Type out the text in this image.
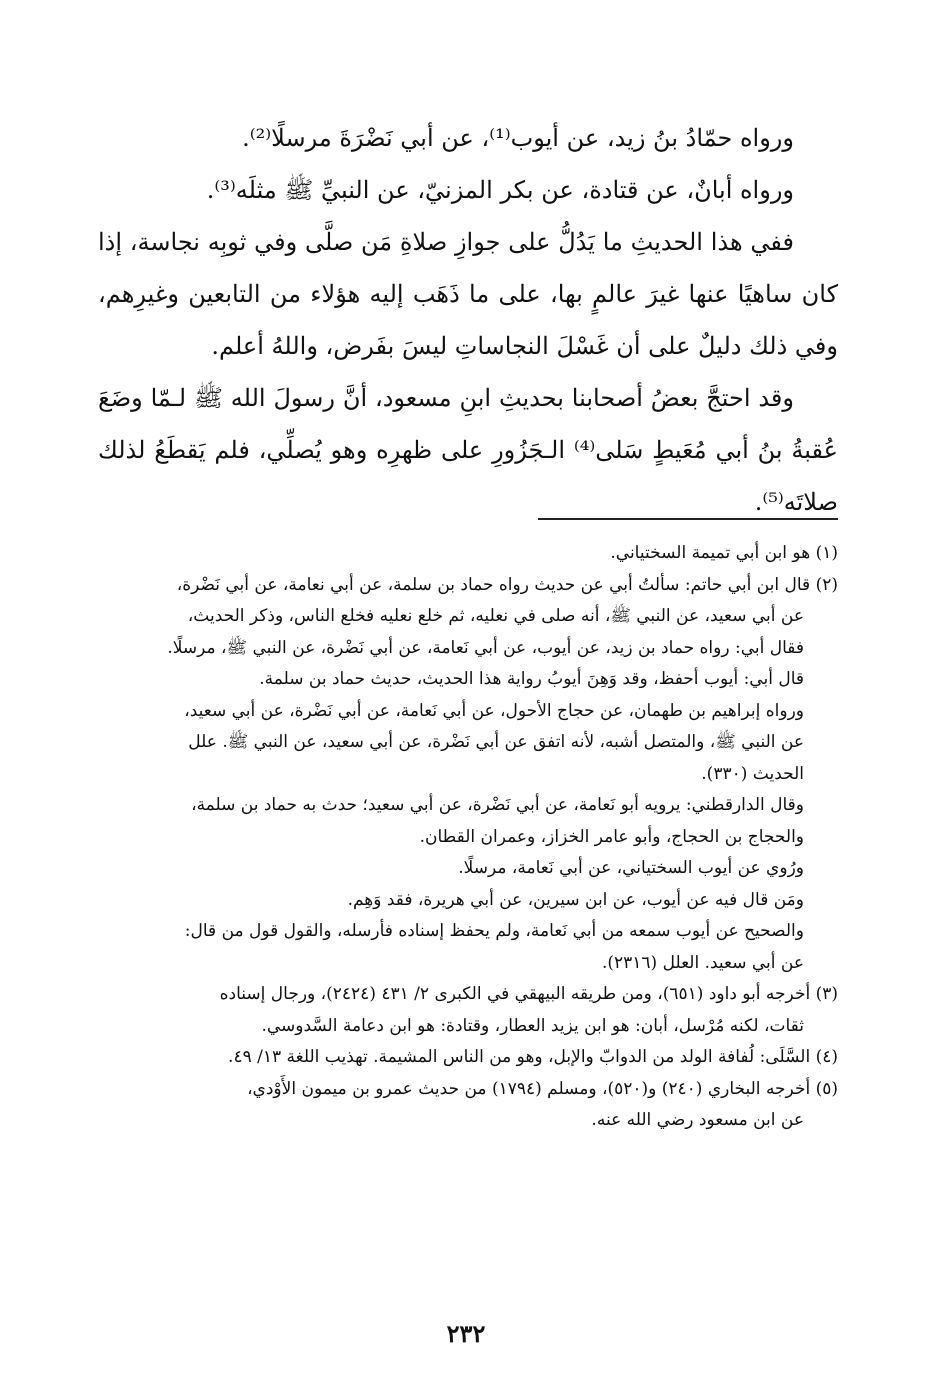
ورواه حمّادُ بنُ زيد، عن أيوب⁽¹⁾، عن أبي نَضْرَةَ مرسلًا⁽²⁾.

ورواه أبانٌ، عن قتادة، عن بكر المزنيّ، عن النبيِّ ﷺ مثلَه⁽³⁾.

ففي هذا الحديثِ ما يَدُلُّ على جوازِ صلاةِ مَن صلَّى وفي ثوبِه نجاسة، إذا كان ساهيًا عنها غيرَ عالمٍ بها، على ما ذَهَب إليه هؤلاء من التابعين وغيرِهم، وفي ذلك دليلٌ على أن غَسْلَ النجاساتِ ليسَ بفَرض، واللهُ أعلم.

وقد احتجَّ بعضُ أصحابنا بحديثِ ابنِ مسعود، أنَّ رسولَ الله ﷺ لـمّا وضَعَ عُقبةُ بنُ أبي مُعَيطٍ سَلى⁽⁴⁾ الـجَزُورِ على ظهرِه وهو يُصلِّي، فلم يَقطَعُ لذلك صلاتَه⁽⁵⁾.

(١) هو ابن أبي تميمة السختياني.

(٢) قال ابن أبي حاتم: سألتُ أبي عن حديث رواه حماد بن سلمة، عن أبي نعامة، عن أبي نَضْرة،

عن أبي سعيد، عن النبي ﷺ، أنه صلى في نعليه، ثم خلع نعليه فخلع الناس، وذكر الحديث،

فقال أبي: رواه حماد بن زيد، عن أيوب، عن أبي نَعامة، عن أبي نَضْرة، عن النبي ﷺ، مرسلًا.

قال أبي: أيوب أحفظ، وقد وَهِنَ أيوبُ رواية هذا الحديث، حديث حماد بن سلمة.

ورواه إبراهيم بن طهمان، عن حجاج الأحول، عن أبي نَعامة، عن أبي نَضْرة، عن أبي سعيد،

عن النبي ﷺ، والمتصل أشبه، لأنه اتفق عن أبي نَضْرة، عن أبي سعيد، عن النبي ﷺ. علل

الحديث (٣٣٠).

وقال الدارقطني: يرويه أبو نَعامة، عن أبي نَضْرة، عن أبي سعيد؛ حدث به حماد بن سلمة،

والحجاج بن الحجاج، وأبو عامر الخزاز، وعمران القطان.

ورُوي عن أيوب السختياني، عن أبي نَعامة، مرسلًا.

ومَن قال فيه عن أيوب، عن ابن سيرين، عن أبي هريرة، فقد وَهِم.

والصحيح عن أيوب سمعه من أبي نَعامة، ولم يحفظ إسناده فأرسله، والقول قول من قال:

عن أبي سعيد. العلل (٢٣١٦).

(٣) أخرجه أبو داود (٦٥١)، ومن طريقه البيهقي في الكبرى ٢/ ٤٣١ (٢٤٢٤)، ورجال إسناده

ثقات، لكنه مُرْسل، أبان: هو ابن يزيد العطار، وقتادة: هو ابن دعامة السَّدوسي.

(٤) السَّلَى: لُفافة الولد من الدوابّ والإبل، وهو من الناس المشيمة. تهذيب اللغة ١٣/ ٤٩.

(٥) أخرجه البخاري (٢٤٠) و(٥٢٠)، ومسلم (١٧٩٤) من حديث عمرو بن ميمون الأَوْدي،

عن ابن مسعود رضي الله عنه.

٢٣٢
